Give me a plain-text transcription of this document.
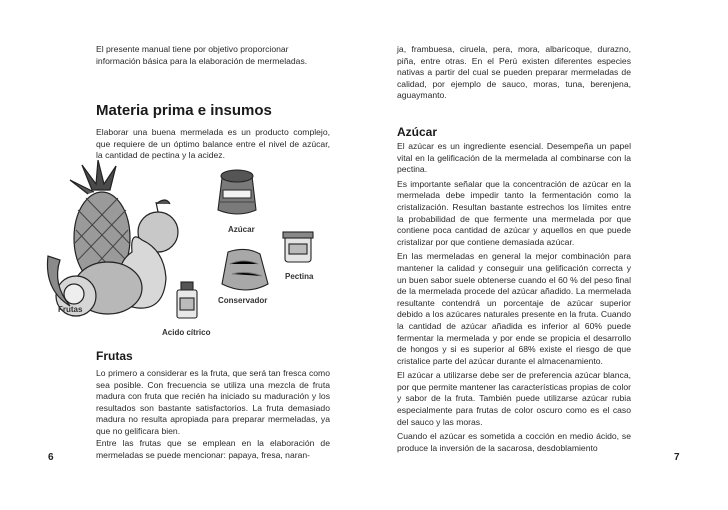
El presente manual tiene por objetivo proporcionar información básica para la elaboración de mermeladas.

Materia prima e insumos

Elaborar una buena mermelada es un producto complejo, que requiere de un óptimo balance entre el nivel de azúcar, la cantidad de pectina y la acidez.

Azúcar
Pectina
Conservador
Frutas
Acido cítrico
Frutas

Lo primero a considerar es la fruta, que será tan fresca como sea posible. Con frecuencia se utiliza una mezcla de fruta madura con fruta que recién ha iniciado su maduración y los resultados son bastante satisfactorios. La fruta demasiado madura no resulta apropiada para preparar mermeladas, ya que no gelificara bien.

Entre las frutas que se emplean en la elaboración de mermeladas se puede mencionar: papaya, fresa, naran-

6

ja, frambuesa, ciruela, pera, mora, albaricoque, durazno, piña, entre otras. En el Perú existen diferentes especies nativas a partir del cual se pueden preparar mermeladas de calidad, por ejemplo de sauco, moras, tuna, berenjena, aguaymanto.

Azúcar

El azúcar es un ingrediente esencial. Desempeña un papel vital en la gelificación de la mermelada al combinarse con la pectina.

Es importante señalar que la concentración de azúcar en la mermelada debe impedir tanto la fermentación como la cristalización. Resultan bastante estrechos los límites entre la probabilidad de que fermente una mermelada por que contiene poca cantidad de azúcar y aquellos en que puede cristalizar por que contiene demasiada azúcar.

En las mermeladas en general la mejor combinación para mantener la calidad y conseguir una gelificación correcta y un buen sabor suele obtenerse cuando el 60 % del peso final de la mermelada procede del azúcar añadido. La mermelada resultante contendrá un porcentaje de azúcar superior debido a los azúcares naturales presente en la fruta. Cuando la cantidad de azúcar añadida es inferior al 60% puede fermentar la mermelada y por ende se propicia el desarrollo de hongos y si es superior al 68% existe el riesgo de que cristalice parte del azúcar durante el almacenamiento.

El azúcar a utilizarse debe ser de preferencia azúcar blanca, por que permite mantener las características propias de color y sabor de la fruta. También puede utilizarse azúcar rubia especialmente para frutas de color oscuro como es el caso del sauco y las moras.

Cuando el azúcar es sometida a cocción en medio ácido, se produce la inversión de la sacarosa, desdoblamiento

7
